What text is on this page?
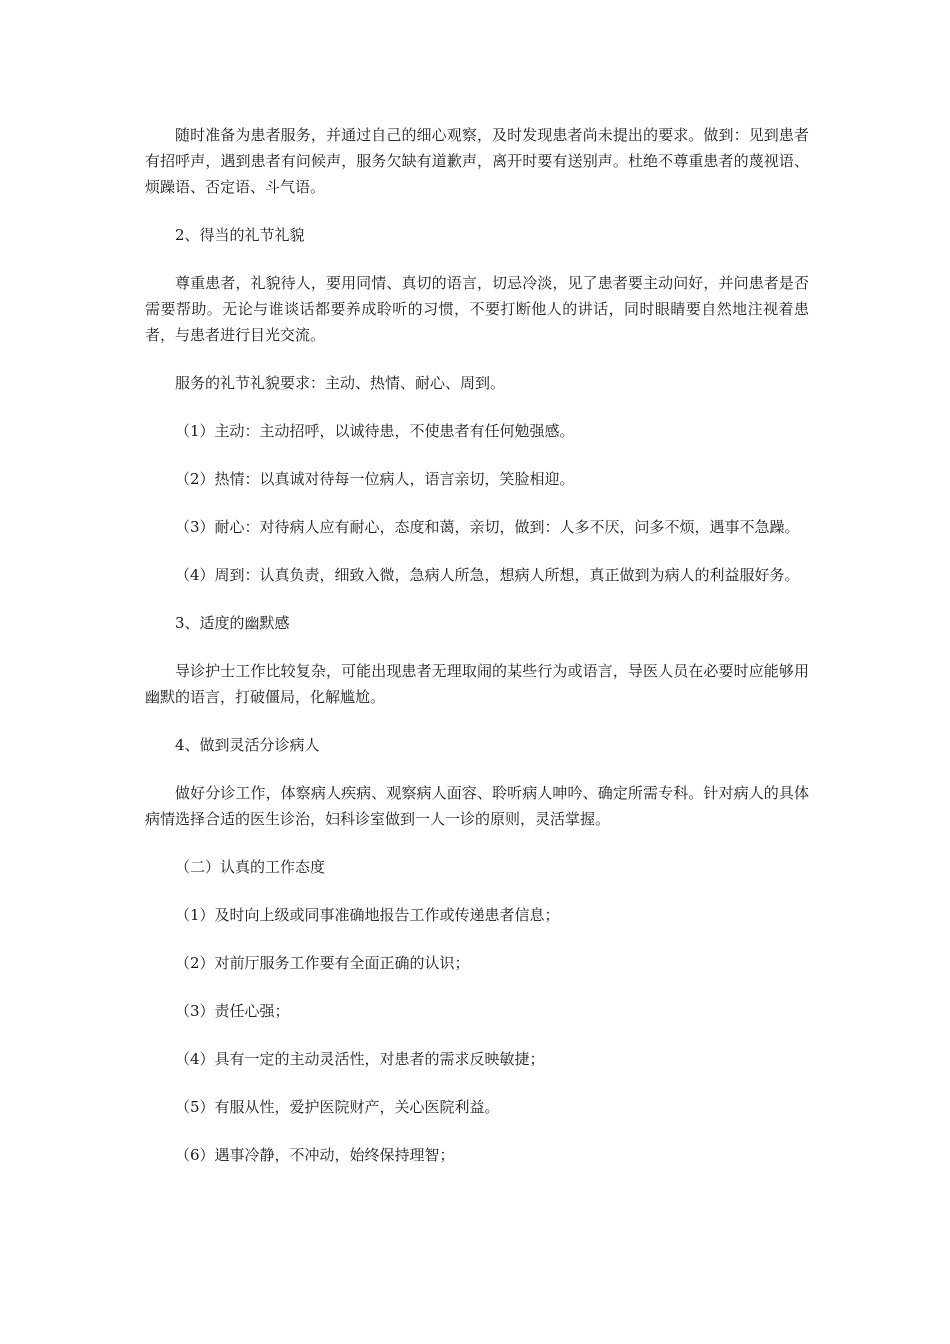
随时准备为患者服务，并通过自己的细心观察，及时发现患者尚未提出的要求。做到：见到患者有招呼声，遇到患者有问候声，服务欠缺有道歉声，离开时要有送别声。杜绝不尊重患者的蔑视语、烦躁语、否定语、斗气语。

2、得当的礼节礼貌

尊重患者，礼貌待人，要用同情、真切的语言，切忌冷淡，见了患者要主动问好，并问患者是否需要帮助。无论与谁谈话都要养成聆听的习惯，不要打断他人的讲话，同时眼睛要自然地注视着患者，与患者进行目光交流。

服务的礼节礼貌要求：主动、热情、耐心、周到。

（1）主动：主动招呼，以诚待患，不使患者有任何勉强感。

（2）热情：以真诚对待每一位病人，语言亲切，笑脸相迎。

（3）耐心：对待病人应有耐心，态度和蔼，亲切，做到：人多不厌，问多不烦，遇事不急躁。

（4）周到：认真负责，细致入微，急病人所急，想病人所想，真正做到为病人的利益服好务。

3、适度的幽默感

导诊护士工作比较复杂，可能出现患者无理取闹的某些行为或语言，导医人员在必要时应能够用幽默的语言，打破僵局，化解尴尬。

4、做到灵活分诊病人

做好分诊工作，体察病人疾病、观察病人面容、聆听病人呻吟、确定所需专科。针对病人的具体病情选择合适的医生诊治，妇科诊室做到一人一诊的原则，灵活掌握。

（二）认真的工作态度

（1）及时向上级或同事准确地报告工作或传递患者信息；

（2）对前厅服务工作要有全面正确的认识；

（3）责任心强；

（4）具有一定的主动灵活性，对患者的需求反映敏捷；

（5）有服从性，爱护医院财产，关心医院利益。

（6）遇事冷静，不冲动，始终保持理智；
